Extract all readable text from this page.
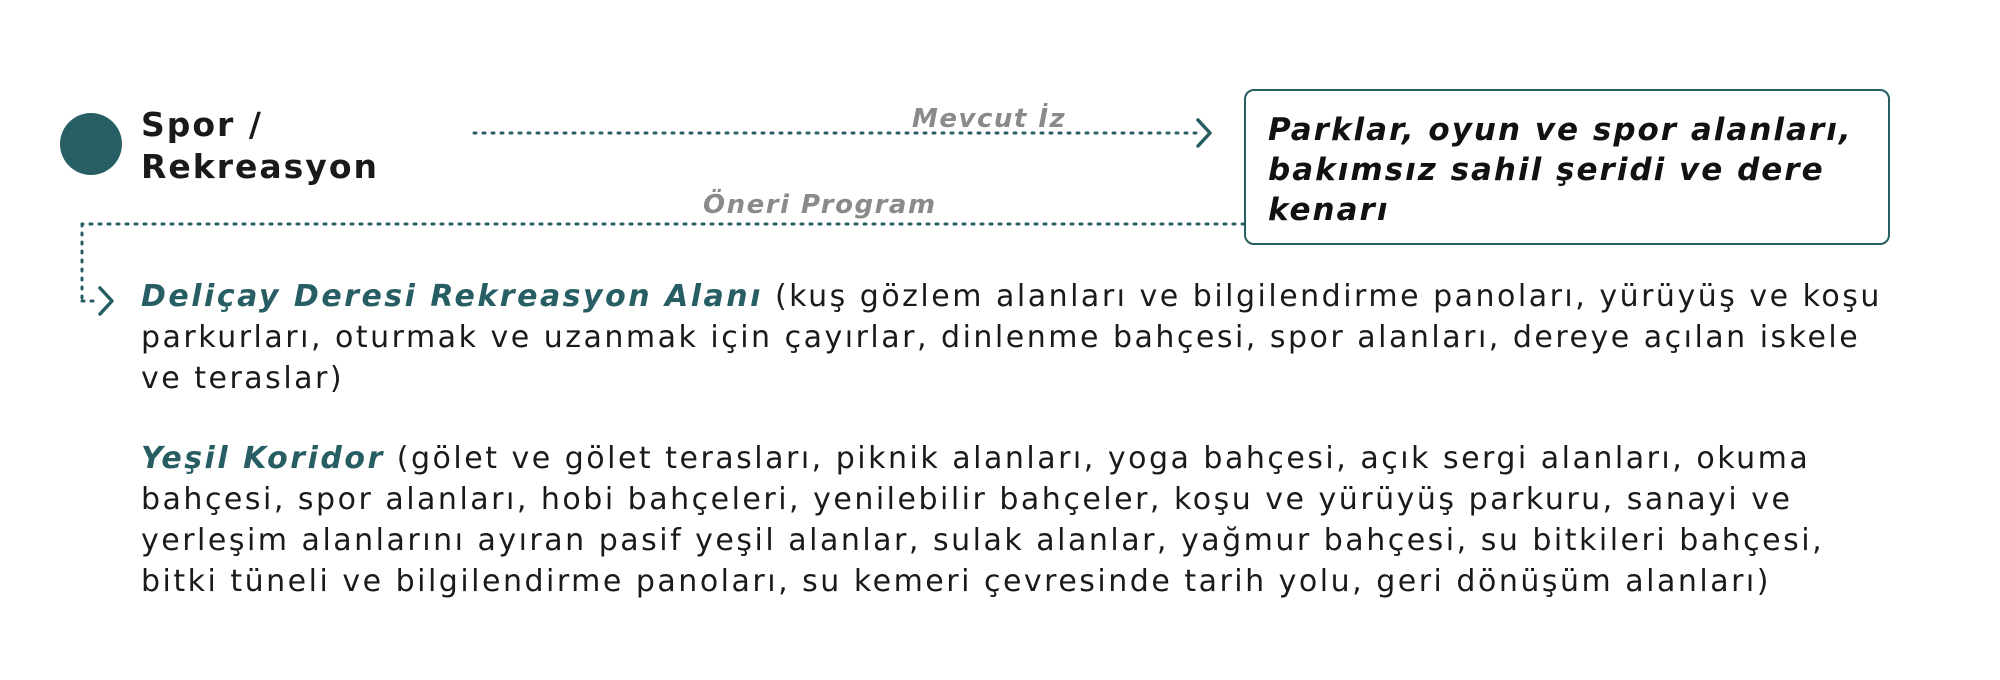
Spor / Rekreasyon

Mevcut İz

Öneri Program

Parklar, oyun ve spor alanları, bakımsız sahil şeridi ve dere kenarı

Deliçay Deresi Rekreasyon Alanı (kuş gözlem alanları ve bilgilendirme panoları, yürüyüş ve koşu parkurları, oturmak ve uzanmak için çayırlar, dinlenme bahçesi, spor alanları, dereye açılan iskele ve teraslar)

Yeşil Koridor (gölet ve gölet terasları, piknik alanları, yoga bahçesi, açık sergi alanları, okuma bahçesi, spor alanları, hobi bahçeleri, yenilebilir bahçeler, koşu ve yürüyüş parkuru, sanayi ve yerleşim alanlarını ayıran pasif yeşil alanlar, sulak alanlar, yağmur bahçesi, su bitkileri bahçesi, bitki tüneli ve bilgilendirme panoları, su kemeri çevresinde tarih yolu, geri dönüşüm alanları)
